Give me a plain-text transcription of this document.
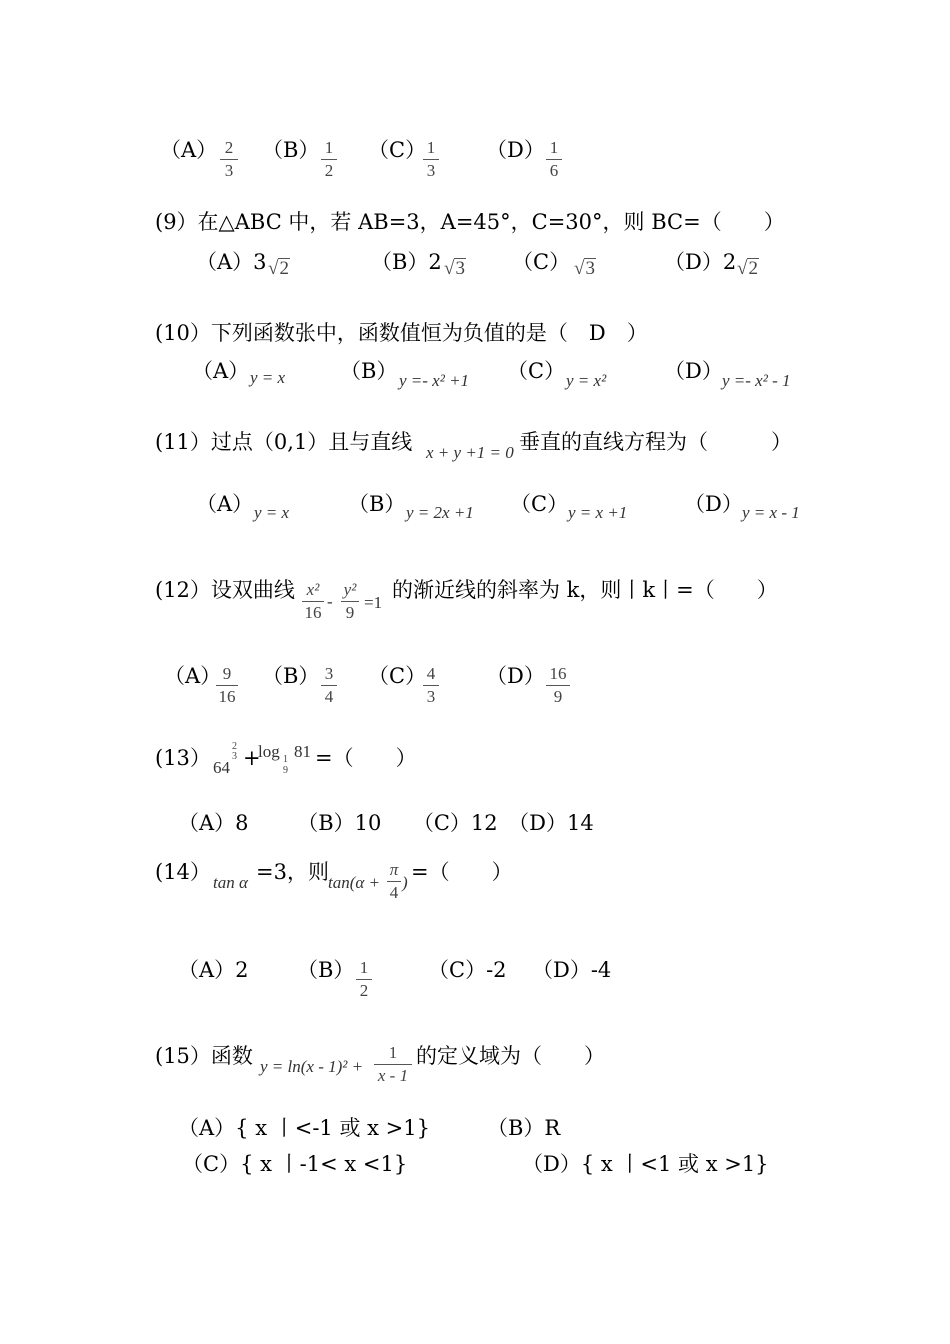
（A） 2
3
（B） 1
2
（C） 1
3
（D） 1
6
(9）在△ABC 中，若 AB=3，A=45°，C=30°，则 BC=（　　）
（A）3 √2	（B）2 √3 （C） √3	（D）2 √2
(10）下列函数张中，函数值恒为负值的是（　D　）
（A） y = x	（B） y =- x² +1 （C） y = x²	（D） y =- x² - 1
(11）过点（0,1）且与直线 x + y +1 = 0 垂直的直线方程为（　　　）
（A） y = x	（B） y = 2x +1 （C） y = x +1	（D） y = x - 1
(12）设双曲线 x²
16
-
y²
9
=1
的渐近线的斜率为 k，则丨k丨=（　　）
（A） 9
16
（B） 3
4
（C） 4
3
（D） 16
9
(13） 64
2
3 +
log 1
9
81 =（　　）
（A）8　　 （B）10　　（C）12　（D）14
(14） tan α =3，则 tan(α +
π
4
) =（　　）
（A）2 （B） 1
2
（C）-2 （D）-4
(15）函数 y = ln(x - 1)² +
1
x - 1
的定义域为（　　）
（A）{ x 丨<-1 或 x >1}	（B）R
（C）{ x 丨-1< x <1}	（D）{ x 丨<1 或 x >1}
